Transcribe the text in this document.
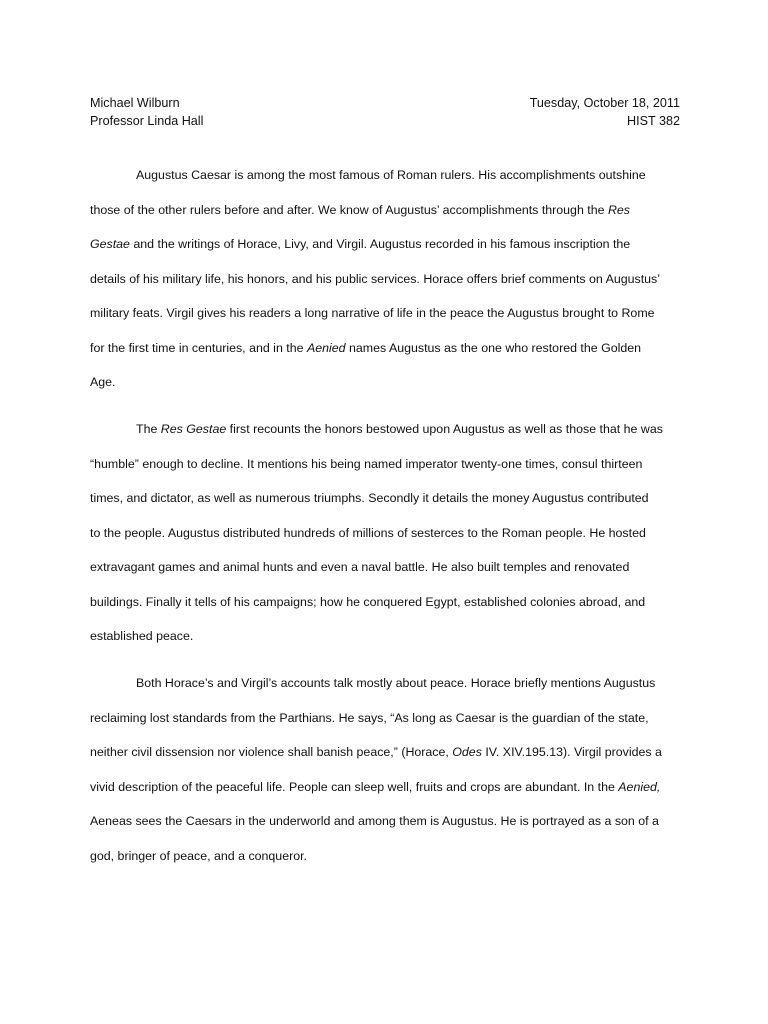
Michael Wilburn	Tuesday, October 18, 2011
Professor Linda Hall	HIST 382
Augustus Caesar is among the most famous of Roman rulers. His accomplishments outshine
those of the other rulers before and after. We know of Augustus’ accomplishments through the Res
Gestae and the writings of Horace, Livy, and Virgil. Augustus recorded in his famous inscription the
details of his military life, his honors, and his public services. Horace offers brief comments on Augustus’
military feats. Virgil gives his readers a long narrative of life in the peace the Augustus brought to Rome
for the first time in centuries, and in the Aenied names Augustus as the one who restored the Golden
Age.
The Res Gestae first recounts the honors bestowed upon Augustus as well as those that he was
“humble” enough to decline. It mentions his being named imperator twenty-one times, consul thirteen
times, and dictator, as well as numerous triumphs. Secondly it details the money Augustus contributed
to the people. Augustus distributed hundreds of millions of sesterces to the Roman people. He hosted
extravagant games and animal hunts and even a naval battle. He also built temples and renovated
buildings. Finally it tells of his campaigns; how he conquered Egypt, established colonies abroad, and
established peace.
Both Horace’s and Virgil’s accounts talk mostly about peace. Horace briefly mentions Augustus
reclaiming lost standards from the Parthians. He says, “As long as Caesar is the guardian of the state,
neither civil dissension nor violence shall banish peace,” (Horace, Odes IV. XIV.195.13). Virgil provides a
vivid description of the peaceful life. People can sleep well, fruits and crops are abundant. In the Aenied,
Aeneas sees the Caesars in the underworld and among them is Augustus. He is portrayed as a son of a
god, bringer of peace, and a conqueror.
